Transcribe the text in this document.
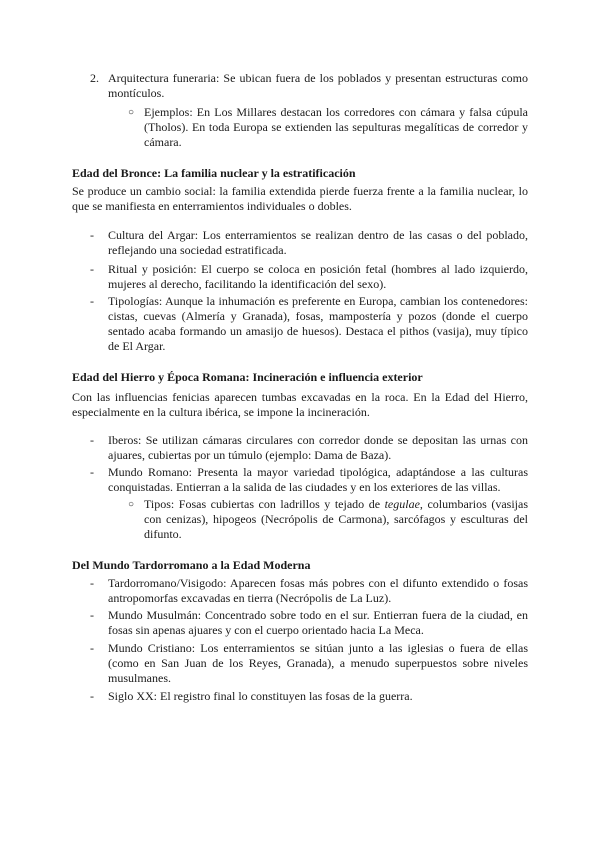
2. Arquitectura funeraria: Se ubican fuera de los poblados y presentan estructuras como montículos.
○ Ejemplos: En Los Millares destacan los corredores con cámara y falsa cúpula (Tholos). En toda Europa se extienden las sepulturas megalíticas de corredor y cámara.
Edad del Bronce: La familia nuclear y la estratificación
Se produce un cambio social: la familia extendida pierde fuerza frente a la familia nuclear, lo que se manifiesta en enterramientos individuales o dobles.
- Cultura del Argar: Los enterramientos se realizan dentro de las casas o del poblado, reflejando una sociedad estratificada.
- Ritual y posición: El cuerpo se coloca en posición fetal (hombres al lado izquierdo, mujeres al derecho, facilitando la identificación del sexo).
- Tipologías: Aunque la inhumación es preferente en Europa, cambian los contenedores: cistas, cuevas (Almería y Granada), fosas, mampostería y pozos (donde el cuerpo sentado acaba formando un amasijo de huesos). Destaca el pithos (vasija), muy típico de El Argar.
Edad del Hierro y Época Romana: Incineración e influencia exterior
Con las influencias fenicias aparecen tumbas excavadas en la roca. En la Edad del Hierro, especialmente en la cultura ibérica, se impone la incineración.
- Iberos: Se utilizan cámaras circulares con corredor donde se depositan las urnas con ajuares, cubiertas por un túmulo (ejemplo: Dama de Baza).
- Mundo Romano: Presenta la mayor variedad tipológica, adaptándose a las culturas conquistadas. Entierran a la salida de las ciudades y en los exteriores de las villas.
○ Tipos: Fosas cubiertas con ladrillos y tejado de tegulae, columbarios (vasijas con cenizas), hipogeos (Necrópolis de Carmona), sarcófagos y esculturas del difunto.
Del Mundo Tardorromano a la Edad Moderna
- Tardorromano/Visigodo: Aparecen fosas más pobres con el difunto extendido o fosas antropomorfas excavadas en tierra (Necrópolis de La Luz).
- Mundo Musulmán: Concentrado sobre todo en el sur. Entierran fuera de la ciudad, en fosas sin apenas ajuares y con el cuerpo orientado hacia La Meca.
- Mundo Cristiano: Los enterramientos se sitúan junto a las iglesias o fuera de ellas (como en San Juan de los Reyes, Granada), a menudo superpuestos sobre niveles musulmanes.
- Siglo XX: El registro final lo constituyen las fosas de la guerra.
